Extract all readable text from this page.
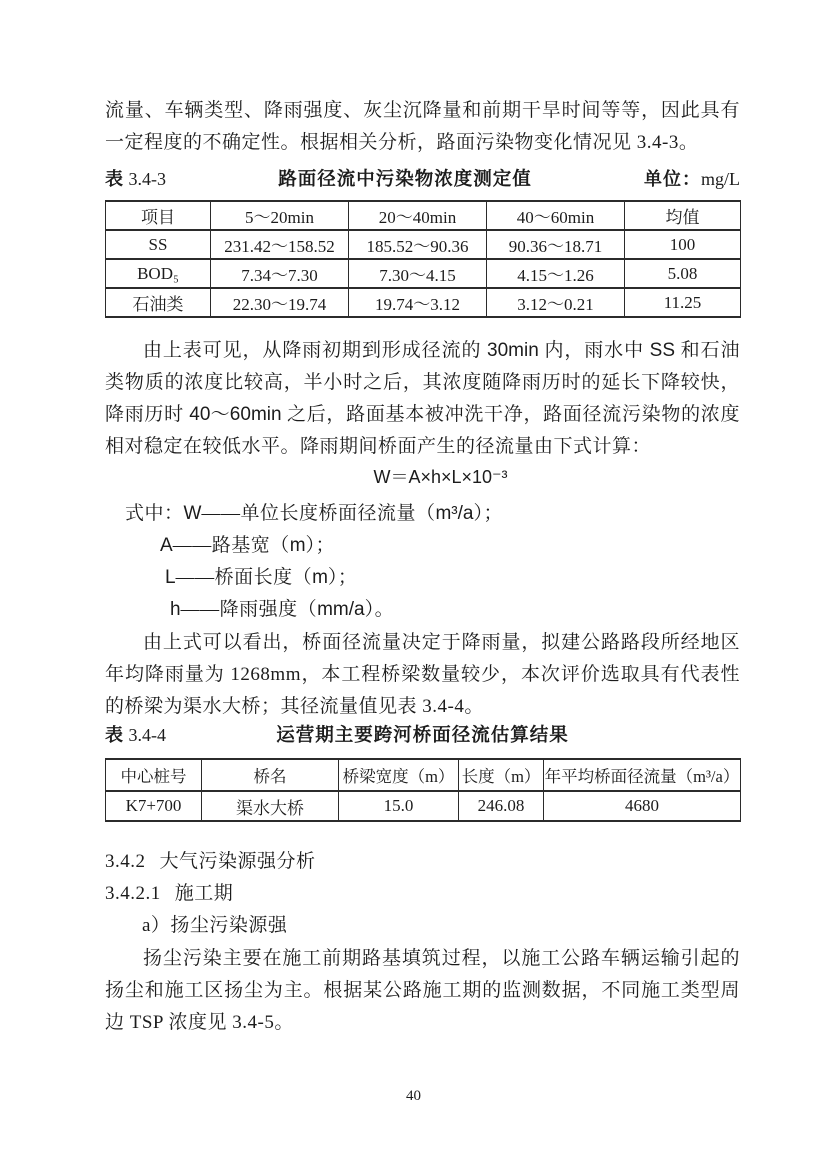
流量、车辆类型、降雨强度、灰尘沉降量和前期干旱时间等等，因此具有一定程度的不确定性。根据相关分析，路面污染物变化情况见 3.4-3。

表 3.4-3	路面径流中污染物浓度测定值	单位：mg/L
项目	5～20min	20～40min	40～60min	均值
SS	231.42～158.52	185.52～90.36	90.36～18.71	100
BOD₅	7.34～7.30	7.30～4.15	4.15～1.26	5.08
石油类	22.30～19.74	19.74～3.12	3.12～0.21	11.25

由上表可见，从降雨初期到形成径流的 30min 内，雨水中 SS 和石油类物质的浓度比较高，半小时之后，其浓度随降雨历时的延长下降较快，降雨历时 40～60min 之后，路面基本被冲洗干净，路面径流污染物的浓度相对稳定在较低水平。降雨期间桥面产生的径流量由下式计算：

W＝A×h×L×10⁻³
式中：W——单位长度桥面径流量（m³/a）；
A——路基宽（m）；
L——桥面长度（m）；
h——降雨强度（mm/a）。

由上式可以看出，桥面径流量决定于降雨量，拟建公路路段所经地区年均降雨量为 1268mm，本工程桥梁数量较少，本次评价选取具有代表性的桥梁为渠水大桥；其径流量值见表 3.4-4。

表 3.4-4	运营期主要跨河桥面径流估算结果
中心桩号	桥名	桥梁宽度（m）	长度（m）	年平均桥面径流量（m³/a）
K7+700	渠水大桥	15.0	246.08	4680
3.4.2 大气污染源强分析
3.4.2.1 施工期
a）扬尘污染源强

扬尘污染主要在施工前期路基填筑过程，以施工公路车辆运输引起的扬尘和施工区扬尘为主。根据某公路施工期的监测数据，不同施工类型周边 TSP 浓度见 3.4-5。

40
